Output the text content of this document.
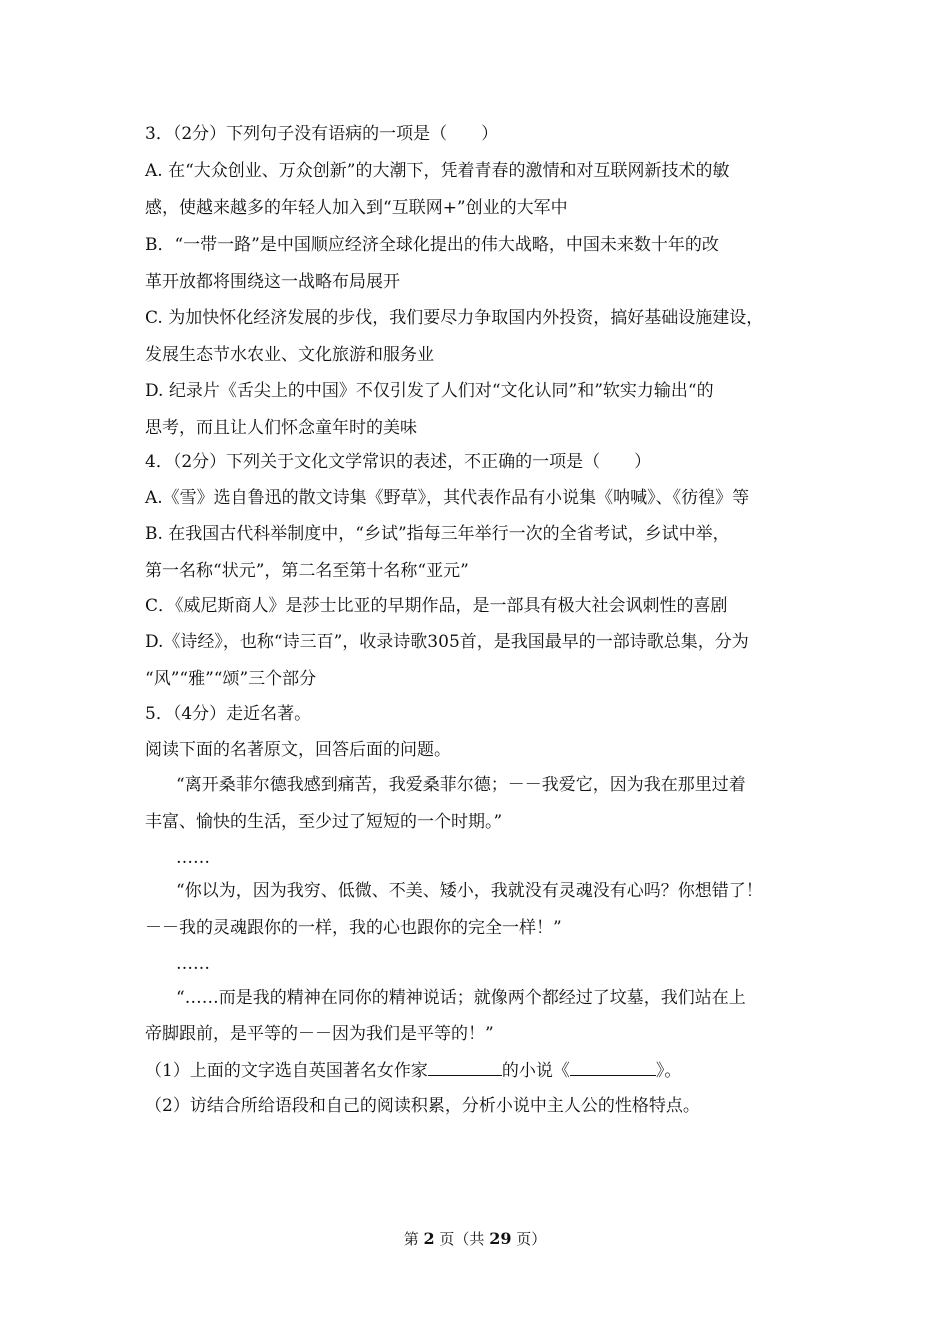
3．（2分）下列句子没有语病的一项是（　　）
A. 在“大众创业、万众创新”的大潮下，凭着青春的激情和对互联网新技术的敏
感，使越来越多的年轻人加入到“互联网+”创业的大军中
B．“一带一路”是中国顺应经济全球化提出的伟大战略，中国未来数十年的改
革开放都将围绕这一战略布局展开
C. 为加快怀化经济发展的步伐，我们要尽力争取国内外投资，搞好基础设施建设，
发展生态节水农业、文化旅游和服务业
D. 纪录片《舌尖上的中国》不仅引发了人们对“文化认同”和”软实力输出“的
思考，而且让人们怀念童年时的美味
4．（2分）下列关于文化文学常识的表述，不正确的一项是（　　）
A.《雪》选自鲁迅的散文诗集《野草》，其代表作品有小说集《呐喊》、《彷徨》等
B. 在我国古代科举制度中，“乡试”指每三年举行一次的全省考试，乡试中举，
第一名称“状元”，第二名至第十名称“亚元”
C．《威尼斯商人》是莎士比亚的早期作品，是一部具有极大社会讽刺性的喜剧
D.《诗经》，也称“诗三百”，收录诗歌305首，是我国最早的一部诗歌总集，分为
“风”“雅”“颂”三个部分
5．（4分）走近名著。
阅读下面的名著原文，回答后面的问题。
“离开桑菲尔德我感到痛苦，我爱桑菲尔德；－－我爱它，因为我在那里过着
丰富、愉快的生活，至少过了短短的一个时期。”
……
“你以为，因为我穷、低微、不美、矮小，我就没有灵魂没有心吗？你想错了！
－－我的灵魂跟你的一样，我的心也跟你的完全一样！”
……
“……而是我的精神在同你的精神说话；就像两个都经过了坟墓，我们站在上
帝脚跟前，是平等的－－因为我们是平等的！”
（1）上面的文字选自英国著名女作家	的小说《	》。
（2）访结合所给语段和自己的阅读积累，分析小说中主人公的性格特点。
第 2 页（共 29 页）
